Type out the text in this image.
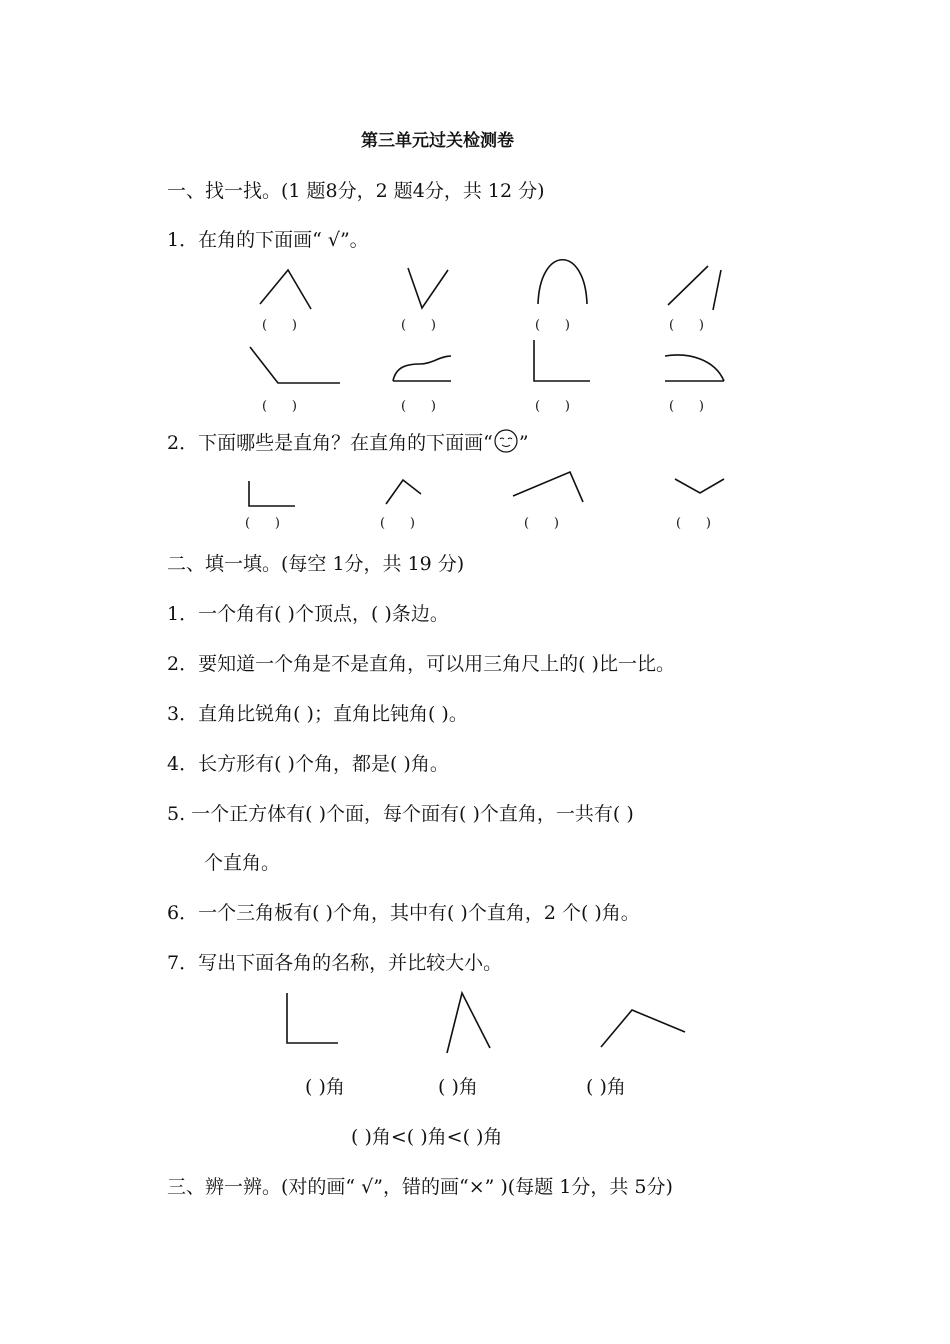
第三单元过关检测卷
一、找一找。(1 题8分，2 题4分，共 12 分)
1．在角的下面画“ √”。
(      )	(      )	(      )	(      )
(      )	(      )	(      )	(      )
2．下面哪些是直角？在直角的下面画“ ”
(      )	(      )	(      )	(      )
二、填一填。(每空 1分，共 19 分)
1．一个角有( )个顶点，( )条边。
2．要知道一个角是不是直角，可以用三角尺上的( )比一比。
3．直角比锐角( )；直角比钝角( )。
4．长方形有( )个角，都是( )角。
5. 一个正方体有( )个面，每个面有( )个直角，一共有( )
个直角。
6．一个三角板有( )个角，其中有( )个直角，2 个( )角。
7．写出下面各角的名称，并比较大小。
( )角	( )角	( )角
( )角<( )角<( )角
三、辨一辨。(对的画“ √”，错的画“×” )(每题 1分，共 5分)
